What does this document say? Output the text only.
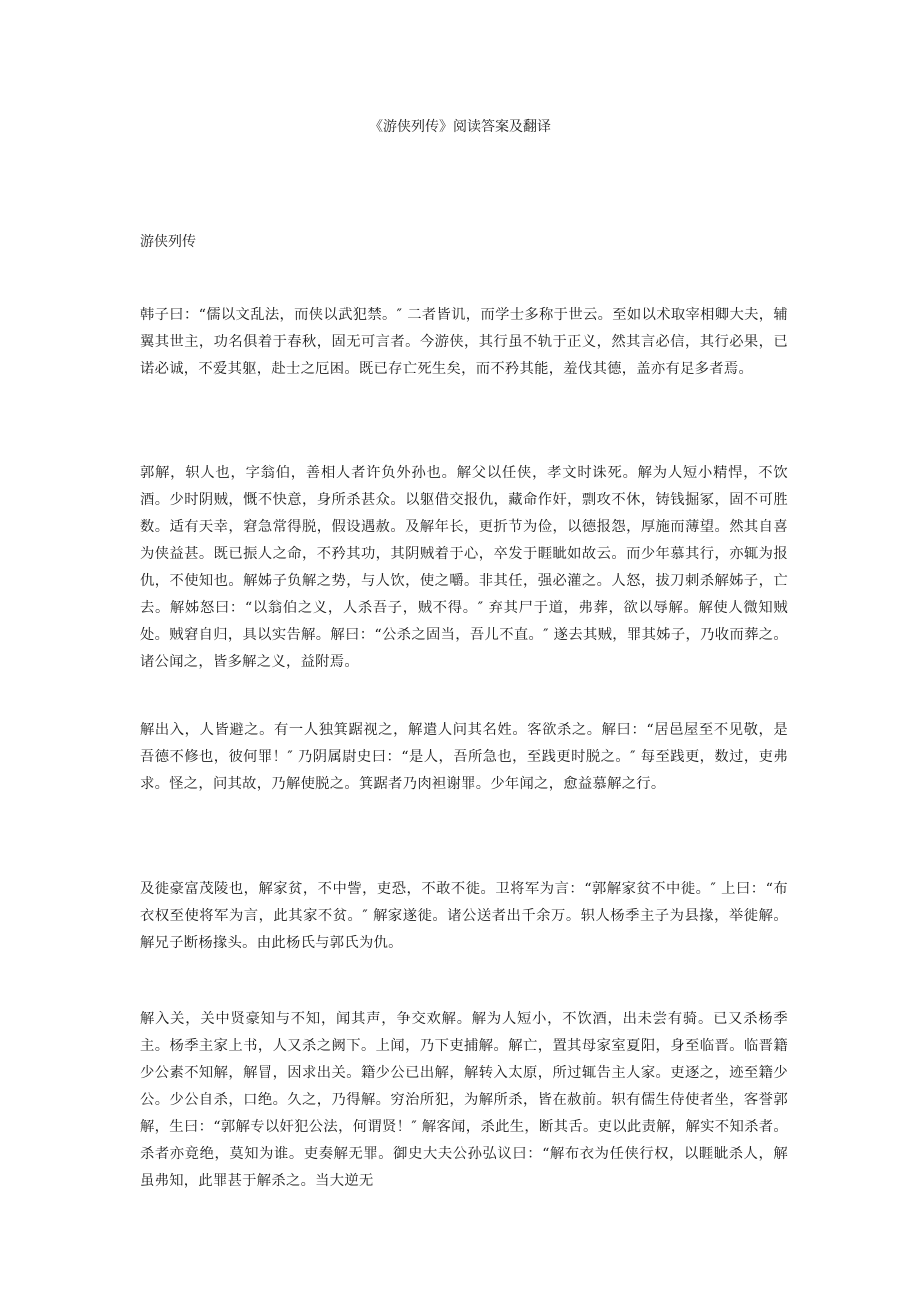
《游侠列传》阅读答案及翻译
游侠列传
韩子曰：“儒以文乱法，而侠以武犯禁。″ 二者皆讥，而学士多称于世云。至如以术取宰相卿大夫，辅翼其世主，功名俱着于春秋，固无可言者。今游侠，其行虽不轨于正义，然其言必信，其行必果，已诺必诚，不爱其躯，赴士之厄困。既已存亡死生矣，而不矜其能，羞伐其德，盖亦有足多者焉。
郭解，轵人也，字翁伯，善相人者许负外孙也。解父以任侠，孝文时诛死。解为人短小精悍，不饮酒。少时阴贼，慨不快意，身所杀甚众。以躯借交报仇，藏命作奸，剽攻不休，铸钱掘冢，固不可胜数。适有天幸，窘急常得脱，假设遇赦。及解年长，更折节为俭，以德报怨，厚施而薄望。然其自喜为侠益甚。既已振人之命，不矜其功，其阴贼着于心，卒发于睚眦如故云。而少年慕其行，亦辄为报仇，不使知也。解姊子负解之势，与人饮，使之嚼。非其任，强必灌之。人怒，拔刀刺杀解姊子，亡去。解姊怒曰：“以翁伯之义，人杀吾子，贼不得。″ 弃其尸于道，弗葬，欲以辱解。解使人微知贼处。贼窘自归，具以实告解。解曰：“公杀之固当，吾儿不直。″ 遂去其贼，罪其姊子，乃收而葬之。诸公闻之，皆多解之义，益附焉。
解出入，人皆避之。有一人独箕踞视之，解遣人问其名姓。客欲杀之。解曰：“居邑屋至不见敬，是吾德不修也，彼何罪！″ 乃阴属尉史曰：“是人，吾所急也，至践更时脱之。″ 每至践更，数过，吏弗求。怪之，问其故，乃解使脱之。箕踞者乃肉袒谢罪。少年闻之，愈益慕解之行。
及徙豪富茂陵也，解家贫，不中訾，吏恐，不敢不徙。卫将军为言：“郭解家贫不中徙。″ 上曰：“布衣权至使将军为言，此其家不贫。″ 解家遂徙。诸公送者出千余万。轵人杨季主子为县掾，举徙解。解兄子断杨掾头。由此杨氏与郭氏为仇。
解入关，关中贤豪知与不知，闻其声，争交欢解。解为人短小，不饮酒，出未尝有骑。已又杀杨季主。杨季主家上书，人又杀之阙下。上闻，乃下吏捕解。解亡，置其母家室夏阳，身至临晋。临晋籍少公素不知解，解冒，因求出关。籍少公已出解，解转入太原，所过辄告主人家。吏逐之，迹至籍少公。少公自杀，口绝。久之，乃得解。穷治所犯，为解所杀，皆在赦前。轵有儒生侍使者坐，客誉郭解，生曰：“郭解专以奸犯公法，何谓贤！″ 解客闻，杀此生，断其舌。吏以此责解，解实不知杀者。杀者亦竟绝，莫知为谁。吏奏解无罪。御史大夫公孙弘议曰：“解布衣为任侠行权，以睚眦杀人，解虽弗知，此罪甚于解杀之。当大逆无
